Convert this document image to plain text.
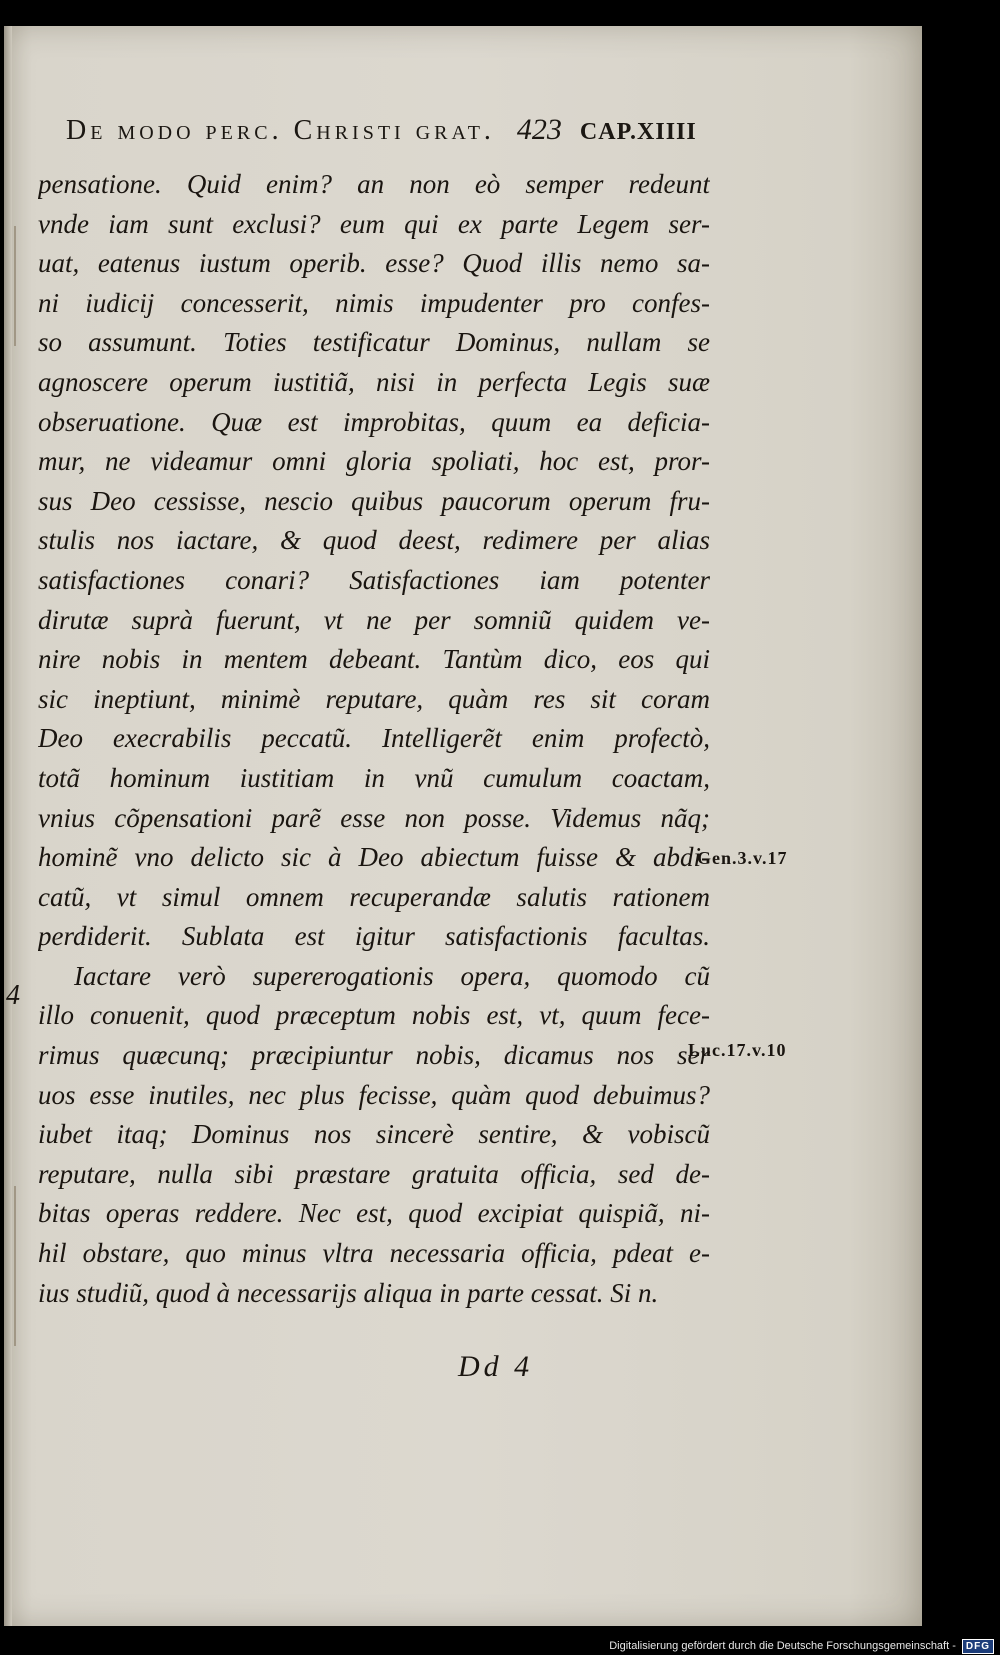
De modo perc. Christi grat. 423 CAP.XIIII
pensatione. Quid enim? an non eò semper redeunt
vnde iam sunt exclusi? eum qui ex parte Legem ser-
uat, eatenus iustum operib. esse? Quod illis nemo sa-
ni iudicij concesserit, nimis impudenter pro confes-
so assumunt. Toties testificatur Dominus, nullam se
agnoscere operum iustitiã, nisi in perfecta Legis suæ
obseruatione. Quæ est improbitas, quum ea deficia-
mur, ne videamur omni gloria spoliati, hoc est, pror-
sus Deo cessisse, nescio quibus paucorum operum fru-
stulis nos iactare, & quod deest, redimere per alias
satisfactiones conari? Satisfactiones iam potenter
dirutæ suprà fuerunt, vt ne per somniũ quidem ve-
nire nobis in mentem debeant. Tantùm dico, eos qui
sic ineptiunt, minimè reputare, quàm res sit coram
Deo execrabilis peccatũ. Intelligerẽt enim profectò,
totã hominum iustitiam in vnũ cumulum coactam,
vnius cõpensationi parẽ esse non posse. Videmus nãq;
hominẽ vno delicto sic à Deo abiectum fuisse & abdi-
catũ, vt simul omnem recuperandæ salutis rationem
perdiderit. Sublata est igitur satisfactionis facultas.
Iactare verò supererogationis opera, quomodo cũ
illo conuenit, quod præceptum nobis est, vt, quum fece-
rimus quæcunq; præcipiuntur nobis, dicamus nos ser
uos esse inutiles, nec plus fecisse, quàm quod debuimus?
iubet itaq; Dominus nos sincerè sentire, & vobiscũ
reputare, nulla sibi præstare gratuita officia, sed de-
bitas operas reddere. Nec est, quod excipiat quispiã, ni-
hil obstare, quo minus vltra necessaria officia, pdeat e-
ius studiũ, quod à necessarijs aliqua in parte cessat. Si n.
4
Gen.3.v.17
Luc.17.v.10
Dd 4
Digitalisierung gefördert durch die Deutsche Forschungsgemeinschaft -	DFG
